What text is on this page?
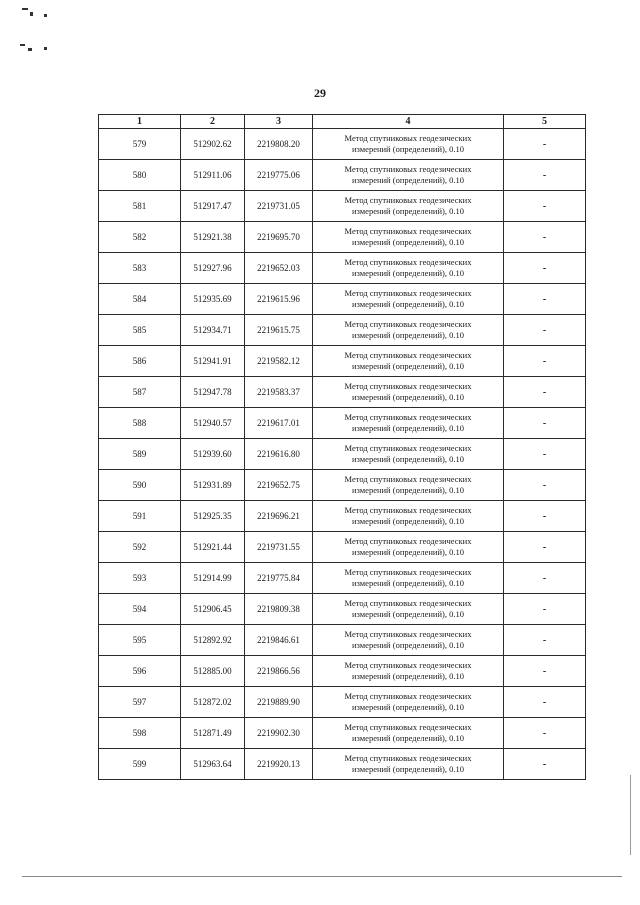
29
1	2	3	4	5
579	512902.62	2219808.20	Метод спутниковых геодезических
измерений (определений), 0.10	-
580	512911.06	2219775.06	Метод спутниковых геодезических
измерений (определений), 0.10	-
581	512917.47	2219731.05	Метод спутниковых геодезических
измерений (определений), 0.10	-
582	512921.38	2219695.70	Метод спутниковых геодезических
измерений (определений), 0.10	-
583	512927.96	2219652.03	Метод спутниковых геодезических
измерений (определений), 0.10	-
584	512935.69	2219615.96	Метод спутниковых геодезических
измерений (определений), 0.10	-
585	512934.71	2219615.75	Метод спутниковых геодезических
измерений (определений), 0.10	-
586	512941.91	2219582.12	Метод спутниковых геодезических
измерений (определений), 0.10	-
587	512947.78	2219583.37	Метод спутниковых геодезических
измерений (определений), 0.10	-
588	512940.57	2219617.01	Метод спутниковых геодезических
измерений (определений), 0.10	-
589	512939.60	2219616.80	Метод спутниковых геодезических
измерений (определений), 0.10	-
590	512931.89	2219652.75	Метод спутниковых геодезических
измерений (определений), 0.10	-
591	512925.35	2219696.21	Метод спутниковых геодезических
измерений (определений), 0.10	-
592	512921.44	2219731.55	Метод спутниковых геодезических
измерений (определений), 0.10	-
593	512914.99	2219775.84	Метод спутниковых геодезических
измерений (определений), 0.10	-
594	512906.45	2219809.38	Метод спутниковых геодезических
измерений (определений), 0.10	-
595	512892.92	2219846.61	Метод спутниковых геодезических
измерений (определений), 0.10	-
596	512885.00	2219866.56	Метод спутниковых геодезических
измерений (определений), 0.10	-
597	512872.02	2219889.90	Метод спутниковых геодезических
измерений (определений), 0.10	-
598	512871.49	2219902.30	Метод спутниковых геодезических
измерений (определений), 0.10	-
599	512963.64	2219920.13	Метод спутниковых геодезических
измерений (определений), 0.10	-
